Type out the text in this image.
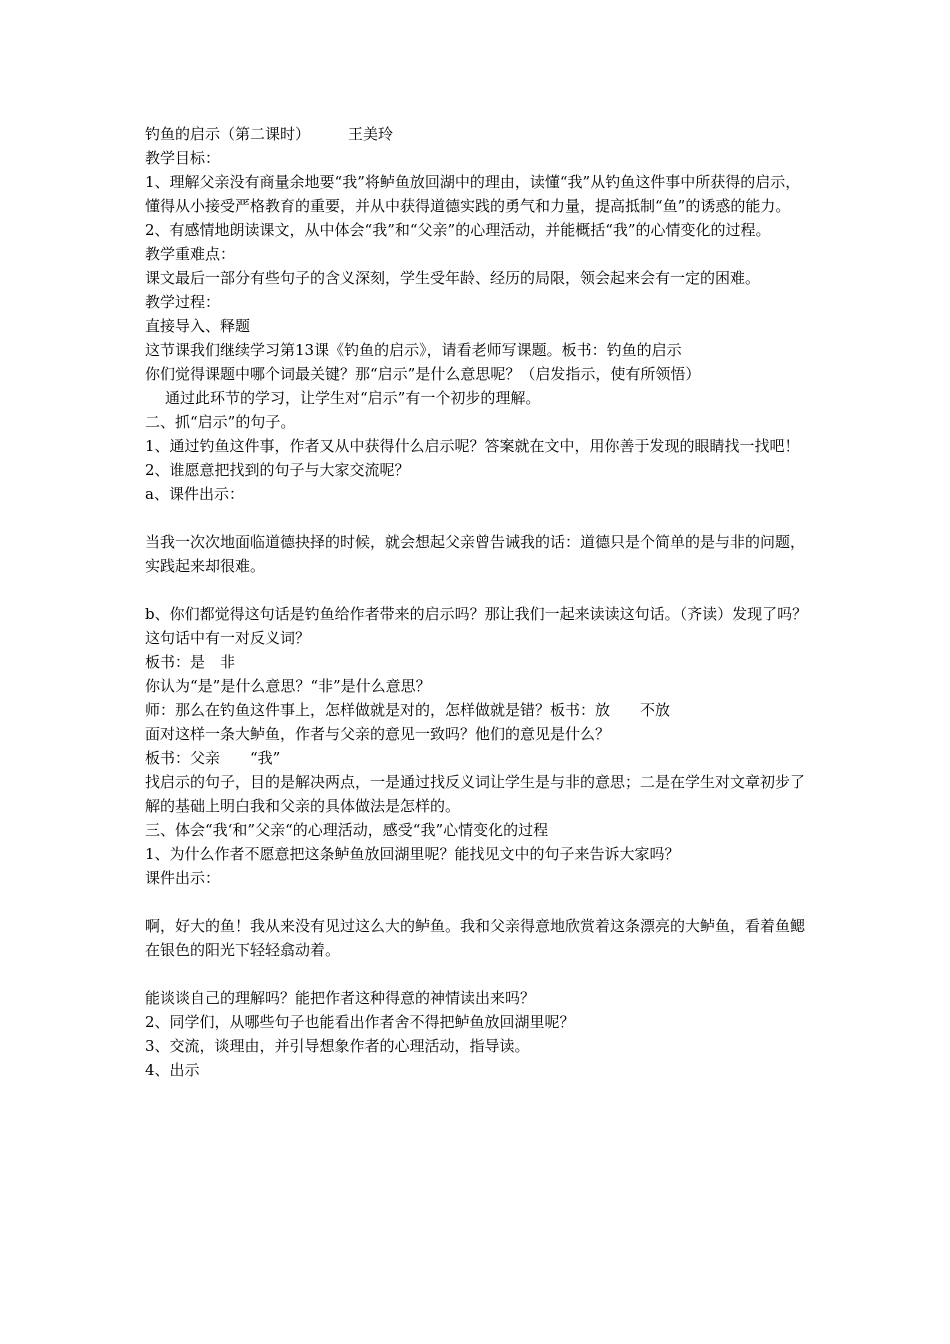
钓鱼的启示（第二课时）	王美玲

教学目标：

1、理解父亲没有商量余地要“我”将鲈鱼放回湖中的理由，读懂“我”从钓鱼这件事中所获得的启示，懂得从小接受严格教育的重要，并从中获得道德实践的勇气和力量，提高抵制“鱼”的诱惑的能力。

2、有感情地朗读课文，从中体会“我”和“父亲”的心理活动，并能概括“我”的心情变化的过程。

教学重难点：

课文最后一部分有些句子的含义深刻，学生受年龄、经历的局限，领会起来会有一定的困难。

教学过程：

直接导入、释题

这节课我们继续学习第13课《钓鱼的启示》，请看老师写课题。板书：钓鱼的启示

你们觉得课题中哪个词最关键？那“启示”是什么意思呢？（启发指示，使有所领悟）

通过此环节的学习，让学生对“启示”有一个初步的理解。

二、抓“启示”的句子。

1、通过钓鱼这件事，作者又从中获得什么启示呢？答案就在文中，用你善于发现的眼睛找一找吧！

2、谁愿意把找到的句子与大家交流呢？

a、课件出示：

当我一次次地面临道德抉择的时候，就会想起父亲曾告诫我的话：道德只是个简单的是与非的问题，实践起来却很难。

b、你们都觉得这句话是钓鱼给作者带来的启示吗？那让我们一起来读读这句话。（齐读）发现了吗？这句话中有一对反义词？

板书：是　非

你认为“是”是什么意思？“非”是什么意思？

师：那么在钓鱼这件事上，怎样做就是对的，怎样做就是错？板书：放　　不放

面对这样一条大鲈鱼，作者与父亲的意见一致吗？他们的意见是什么？

板书：父亲　　“我”

找启示的句子，目的是解决两点，一是通过找反义词让学生是与非的意思；二是在学生对文章初步了解的基础上明白我和父亲的具体做法是怎样的。

三、体会“我‘和”父亲“的心理活动，感受“我”心情变化的过程

1、为什么作者不愿意把这条鲈鱼放回湖里呢？能找见文中的句子来告诉大家吗？

课件出示：

啊，好大的鱼！我从来没有见过这么大的鲈鱼。我和父亲得意地欣赏着这条漂亮的大鲈鱼，看着鱼鳃在银色的阳光下轻轻翕动着。

能谈谈自己的理解吗？能把作者这种得意的神情读出来吗？

2、同学们，从哪些句子也能看出作者舍不得把鲈鱼放回湖里呢？

3、交流，谈理由，并引导想象作者的心理活动，指导读。

4、出示
